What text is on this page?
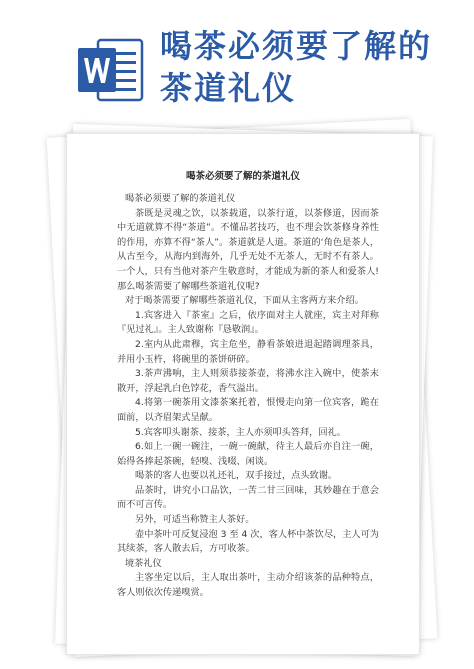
喝茶必须要了解的
茶道礼仪
喝茶必须要了解的茶道礼仪

喝茶必须要了解的茶道礼仪

茶既是灵魂之饮，以茶载道，以茶行道，以茶修道，因而茶中无道就算不得“茶道”。不懂品茗技巧，也不理会饮茶修身养性的作用，亦算不得“茶人”。茶道就是人道。茶道的‘角色是茶人，从古至今，从海内到海外，几乎无处不无茶人，无时不有茶人。一个人，只有当他对茶产生敬意时，才能成为新的茶人和爱茶人!那么喝茶需要了解哪些茶道礼仪呢?

对于喝茶需要了解哪些茶道礼仪，下面从主客两方来介绍。

1.宾客进入『茶室』之后，依序面对主人就座，宾主对拜称『见过礼』。主人致谢称『恳敬润』。

2.室内从此肃穆，宾主危坐，静看茶娘进退起踏调理茶具，并用小玉杵，将碗里的茶饼研碎。

3.茶声沸响，主人则须恭接茶壶，将沸水注入碗中，使茶末散开，浮起乳白色饽花，香气溢出。

4.将第一碗茶用文漆茶案托着，恨慢走向第一位宾客，跪在面前，以齐眉架式呈献。

5.宾客叩头谢茶、接茶，主人亦须叩头答拜，回礼。

6.如上一碗一碗注，一碗一碗献，待主人最后亦自注一碗，始得各捧起茶碗，轻嗅、浅啜、闲谈。

喝茶的客人也要以礼还礼，双手接过，点头致谢。

品茶时，讲究小口品饮，一苦二甘三回味，其妙趣在于意会而不可言传。

另外，可适当称赞主人茶好。

壶中茶叶可反复浸泡 3 至 4 次，客人杯中茶饮尽，主人可为其续茶，客人散去后，方可收茶。

境茶礼仪

主客坐定以后，主人取出茶叶，主动介绍该茶的品种特点，客人则依次传递嗅赏。
